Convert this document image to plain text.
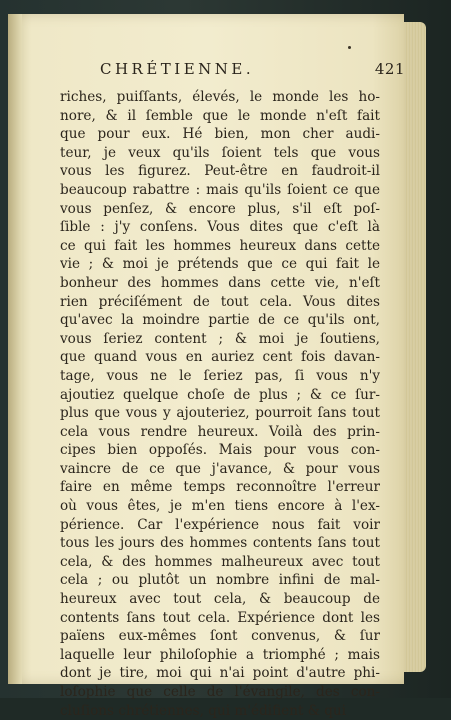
CHRÉTIENNE.	421
riches, puiſſants, élevés, le monde les ho-
nore, & il ſemble que le monde n'eſt fait
que pour eux. Hé bien, mon cher audi-
teur, je veux qu'ils ſoient tels que vous
vous les figurez. Peut-être en faudroit-il
beaucoup rabattre : mais qu'ils ſoient ce que
vous penſez, & encore plus, s'il eſt poſ-
ſible : j'y conſens. Vous dites que c'eſt là
ce qui fait les hommes heureux dans cette
vie ; & moi je prétends que ce qui fait le
bonheur des hommes dans cette vie, n'eſt
rien préciſément de tout cela. Vous dites
qu'avec la moindre partie de ce qu'ils ont,
vous ſeriez content ; & moi je ſoutiens,
que quand vous en auriez cent fois davan-
tage, vous ne le ſeriez pas, ſi vous n'y
ajoutiez quelque choſe de plus ; & ce ſur-
plus que vous y ajouteriez, pourroit ſans tout
cela vous rendre heureux. Voilà des prin-
cipes bien oppoſés. Mais pour vous con-
vaincre de ce que j'avance, & pour vous
faire en même temps reconnoître l'erreur
où vous êtes, je m'en tiens encore à l'ex-
périence. Car l'expérience nous fait voir
tous les jours des hommes contents ſans tout
cela, & des hommes malheureux avec tout
cela ; ou plutôt un nombre infini de mal-
heureux avec tout cela, & beaucoup de
contents ſans tout cela. Expérience dont les
païens eux-mêmes ſont convenus, & ſur
laquelle leur philoſophie a triomphé ; mais
dont je tire, moi qui n'ai point d'autre phi-
loſophie que celle de l'évangile, des con-
cluſions chrétiennes, qui m'édifient & qui
